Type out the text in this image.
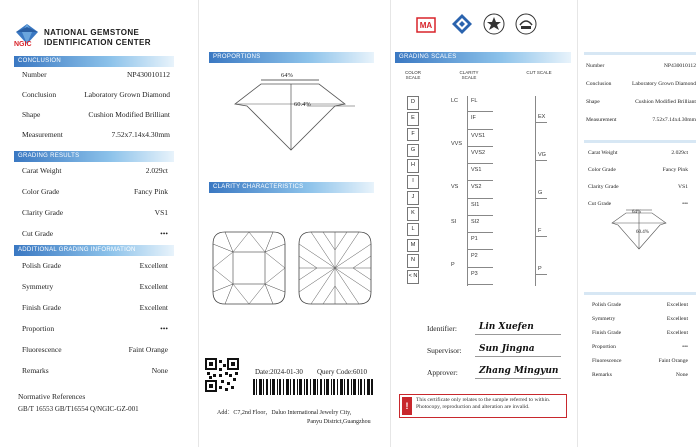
NGIC
NATIONAL GEMSTONE
IDENTIFICATION CENTER
CONCLUSION
Number	NP430010112
Conclusion	Laboratory Grown Diamond
Shape	Cushion Modified Brilliant
Measurement	7.52x7.14x4.30mm
GRADING RESULTS
Carat Weight	2.029ct
Color Grade	Fancy Pink
Clarity Grade	VS1
Cut Grade	•••
ADDITIONAL GRADING INFORMATION
Polish Grade	Excellent
Symmetry	Excellent
Finish Grade	Excellent
Proportion	•••
Fluorescence	Faint Orange
Remarks	None
Normative References
GB/T 16553 GB/T16554 Q/NGIC-GZ-001
PROPORTIONS
64%
60.4%
CLARITY CHARACTERISTICS
Date:2024-01-30 Query Code:6010
Add：C7,2nd Floor，Daluo International Jewelry City,
Panyu District,Guangzhou
MA
GRADING SCALES
COLOR SCALE
CLARITY SCALE
CUT SCALE
D
E
F
G
H
I
J
K
L
M
N
< N
FL
IF
VVS1
VVS2
VS1
VS2
SI1
SI2
P1
P2
P3
LC
VVS
VS
SI
P
EX
VG
G
F
P
Identifier: Lin Xuefen
Supervisor: Sun Jingna
Approver: Zhang Mingyun
!
This certificate only relates to the sample referred to within. Photocopy, reproduction and alteration are invalid.
Number	NP430010112
Conclusion	Laboratory Grown Diamond
Shape	Cushion Modified Brilliant
Measurement	7.52x7.14x4.30mm
Carat Weight	2.029ct
Color Grade	Fancy Pink
Clarity Grade	VS1
Cut Grade	•••
64%
60.4%
Polish Grade	Excellent
Symmetry	Excellent
Finish Grade	Excellent
Proportion	•••
Fluorescence	Faint Orange
Remarks	None
